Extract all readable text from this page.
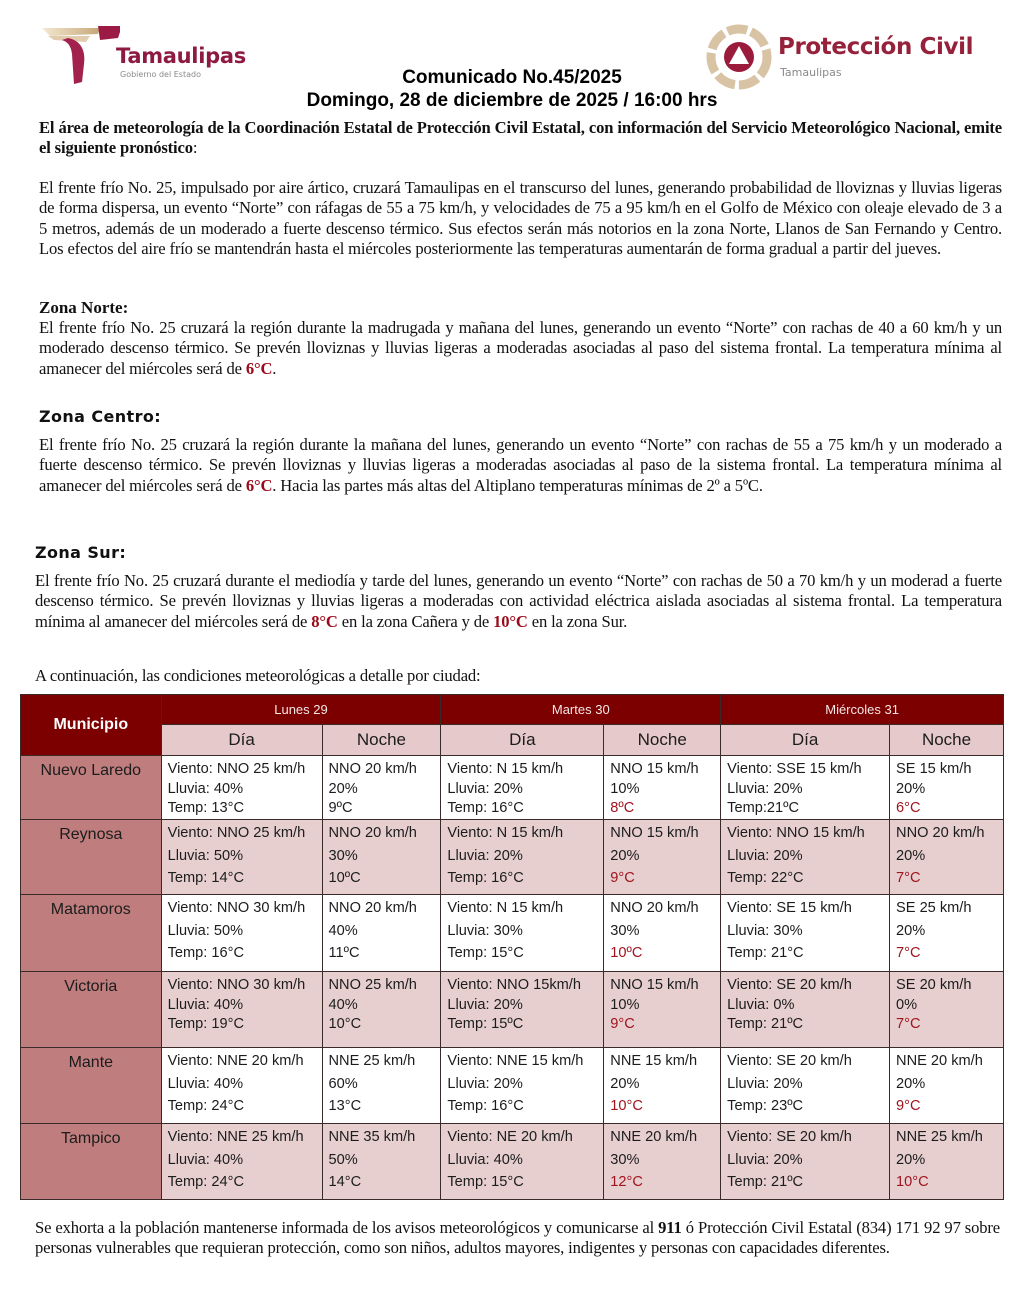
Tamaulipas
Gobierno del Estado
Protección Civil
Tamaulipas
Comunicado No.45/2025
Domingo, 28 de diciembre de 2025 / 16:00 hrs

El área de meteorología de la Coordinación Estatal de Protección Civil Estatal, con información del Servicio Meteorológico Nacional, emite el siguiente pronóstico:

El frente frío No. 25, impulsado por aire ártico, cruzará Tamaulipas en el transcurso del lunes, generando probabilidad de lloviznas y lluvias ligeras de forma dispersa, un evento “Norte” con ráfagas de 55 a 75 km/h, y velocidades de 75 a 95 km/h en el Golfo de México con oleaje elevado de 3 a 5 metros, además de un moderado a fuerte descenso térmico. Sus efectos serán más notorios en la zona Norte, Llanos de San Fernando y Centro. Los efectos del aire frío se mantendrán hasta el miércoles posteriormente las temperaturas aumentarán de forma gradual a partir del jueves.

Zona Norte:

El frente frío No. 25 cruzará la región durante la madrugada y mañana del lunes, generando un evento “Norte” con rachas de 40 a 60 km/h y un moderado descenso térmico. Se prevén lloviznas y lluvias ligeras a moderadas asociadas al paso del sistema frontal. La temperatura mínima al amanecer del miércoles será de 6°C.

Zona Centro:

El frente frío No. 25 cruzará la región durante la mañana del lunes, generando un evento “Norte” con rachas de 55 a 75 km/h y un moderado a fuerte descenso térmico. Se prevén lloviznas y lluvias ligeras a moderadas asociadas al paso de la sistema frontal. La temperatura mínima al amanecer del miércoles será de 6°C. Hacia las partes más altas del Altiplano temperaturas mínimas de 2º a 5ºC.

Zona Sur:

El frente frío No. 25 cruzará durante el mediodía y tarde del lunes, generando un evento “Norte” con rachas de 50 a 70 km/h y un moderad a fuerte descenso térmico. Se prevén lloviznas y lluvias ligeras a moderadas con actividad eléctrica aislada asociadas al sistema frontal. La temperatura mínima al amanecer del miércoles será de 8°C en la zona Cañera y de 10°C en la zona Sur.

A continuación, las condiciones meteorológicas a detalle por ciudad:

Municipio	Lunes 29		Martes 30		Miércoles 31	
	Día	Noche	Día	Noche	Día	Noche
Nuevo Laredo	Viento: NNO 25 km/h
Lluvia: 40%
Temp: 13°C

NNO 20 km/h
20%
9ºC

Viento: N 15 km/h
Lluvia: 20%
Temp: 16°C

NNO 15 km/h
10%
8ºC

Viento: SSE 15 km/h
Lluvia: 20%
Temp:21ºC

SE 15 km/h
20%
6°C

Reynosa	Viento: NNO 25 km/h
Lluvia: 50%
Temp: 14°C

NNO 20 km/h
30%
10ºC

Viento: N 15 km/h
Lluvia: 20%
Temp: 16°C

NNO 15 km/h
20%
9°C

Viento: NNO 15 km/h
Lluvia: 20%
Temp: 22°C

NNO 20 km/h
20%
7°C

Matamoros	Viento: NNO 30 km/h
Lluvia: 50%
Temp: 16°C

NNO 20 km/h
40%
11ºC

Viento: N 15 km/h
Lluvia: 30%
Temp: 15°C

NNO 20 km/h
30%
10ºC

Viento: SE 15 km/h
Lluvia: 30%
Temp: 21°C

SE 25 km/h
20%
7°C

Victoria	Viento: NNO 30 km/h
Lluvia: 40%
Temp: 19°C

NNO 25 km/h
40%
10°C

Viento: NNO 15km/h
Lluvia: 20%
Temp: 15ºC

NNO 15 km/h
10%
9°C

Viento: SE 20 km/h
Lluvia: 0%
Temp: 21ºC

SE 20 km/h
0%
7°C

Mante	Viento: NNE 20 km/h
Lluvia: 40%
Temp: 24°C

NNE 25 km/h
60%
13°C

Viento: NNE 15 km/h
Lluvia: 20%
Temp: 16°C

NNE 15 km/h
20%
10°C

Viento: SE 20 km/h
Lluvia: 20%
Temp: 23ºC

NNE 20 km/h
20%
9°C

Tampico	Viento: NNE 25 km/h
Lluvia: 40%
Temp: 24°C

NNE 35 km/h
50%
14°C

Viento: NE 20 km/h
Lluvia: 40%
Temp: 15°C

NNE 20 km/h
30%
12°C

Viento: SE 20 km/h
Lluvia: 20%
Temp: 21ºC

NNE 25 km/h
20%
10°C

Se exhorta a la población mantenerse informada de los avisos meteorológicos y comunicarse al 911 ó Protección Civil Estatal (834) 171 92 97 sobre personas vulnerables que requieran protección, como son niños, adultos mayores, indigentes y personas con capacidades diferentes.
